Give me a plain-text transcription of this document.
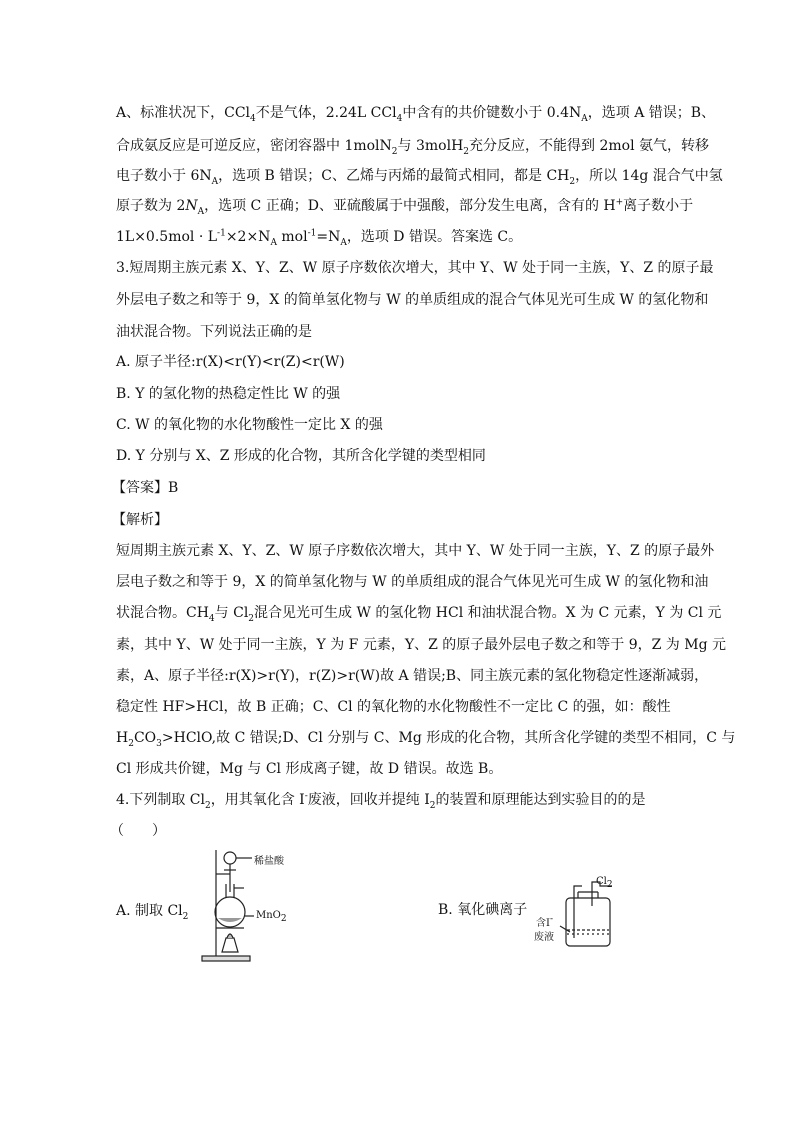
A、标准状况下，CCl$_4$不是气体，2.24L CCl$_4$中含有的共价键数小于 $0.4N_A$，选项 A 错误；B、
合成氨反应是可逆反应，密闭容器中 1molN$_2$与 3molH$_2$充分反应，不能得到 2mol 氨气，转移
电子数小于 $6N_A$，选项 B 错误；C、乙烯与丙烯的最简式相同，都是 $CH_2$，所以 14g 混合气中氢
原子数为 $2N_A$，选项 C 正确；D、亚硫酸属于中强酸，部分发生电离，含有的 H+离子数小于
$1L\times 0.5mol \cdot L^{-1}\times 2\times N_A$ $mol^{-1}=N_A$，选项 D 错误。答案选 C。
3.短周期主族元素 X、Y、Z、W 原子序数依次增大，其中 Y、W 处于同一主族，Y、Z 的原子最
外层电子数之和等于 9，X 的简单氢化物与 W 的单质组成的混合气体见光可生成 W 的氢化物和
油状混合物。下列说法正确的是
A. 原子半径:r(X)<r(Y)<r(Z)<r(W)
B. Y 的氢化物的热稳定性比 W 的强
C. W 的氧化物的水化物酸性一定比 X 的强
D. Y 分别与 X、Z 形成的化合物，其所含化学键的类型相同
【答案】B
【解析】
短周期主族元素 X、Y、Z、W 原子序数依次增大，其中 Y、W 处于同一主族，Y、Z 的原子最外
层电子数之和等于 9，X 的简单氢化物与 W 的单质组成的混合气体见光可生成 W 的氢化物和油
状混合物。$CH_4$与 $Cl_2$混合见光可生成 W 的氢化物 HCl 和油状混合物。X 为 C 元素，Y 为 Cl 元
素，其中 Y、W 处于同一主族，Y 为 F 元素，Y、Z 的原子最外层电子数之和等于 9，Z 为 Mg 元
素，A、原子半径:r(X)>r(Y)，r(Z)>r(W)故 A 错误;B、同主族元素的氢化物稳定性逐渐减弱，
稳定性 HF>HCl，故 B 正确；C、Cl 的氧化物的水化物酸性不一定比 C 的强，如：酸性
$H_2CO_3>HClO$,故 C 错误;D、Cl 分别与 C、Mg 形成的化合物，其所含化学键的类型不相同，C 与
Cl 形成共价键，Mg 与 Cl 形成离子键，故 D 错误。故选 B。
4.下列制取 $Cl_2$，用其氧化含 I-废液，回收并提纯 $I_2$的装置和原理能达到实验目的的是
（　　）
A. 制取 $Cl_2$	B. 氧化碘离子
稀盐酸
MnO$_2$
$Cl_2$
含I-
废液
